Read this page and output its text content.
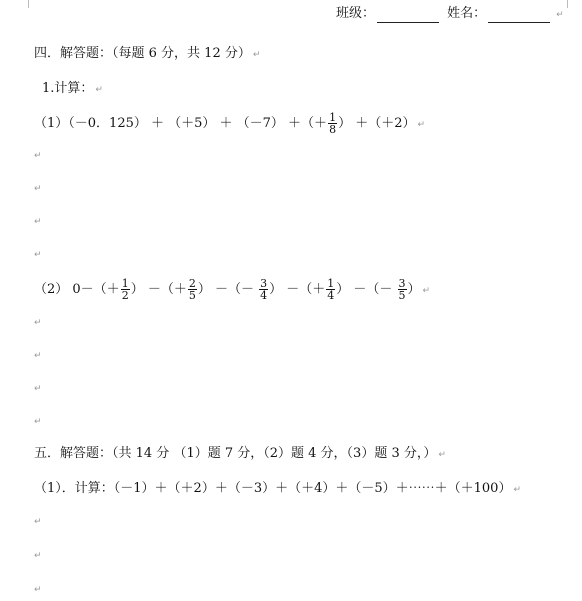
班级：	姓名：	↵
四．解答题：（每题 6 分，共 12 分） ↵
1.计算： ↵
（1）（－0．125） ＋ （＋5） ＋ （－7） ＋（＋ $\frac{1}{8}$ ） ＋（＋2） ↵
↵
↵
↵
↵
（2） $0-(+ \frac{1}{2}$ ） －（＋ $\frac{2}{5}$ ） －（－ $\frac{3}{4}$ ） －（＋ $\frac{1}{4}$ ） －（－ $\frac{3}{5}$ ） ↵
↵
↵
↵
↵
五．解答题：（共 14 分 （1）题 7 分，（2）题 4 分，（3）题 3 分，） ↵
（1）．计算：（－1）＋（＋2）＋（－3）＋（＋4）＋（－5）＋⋯⋯＋（＋100） ↵
↵
↵
↵
